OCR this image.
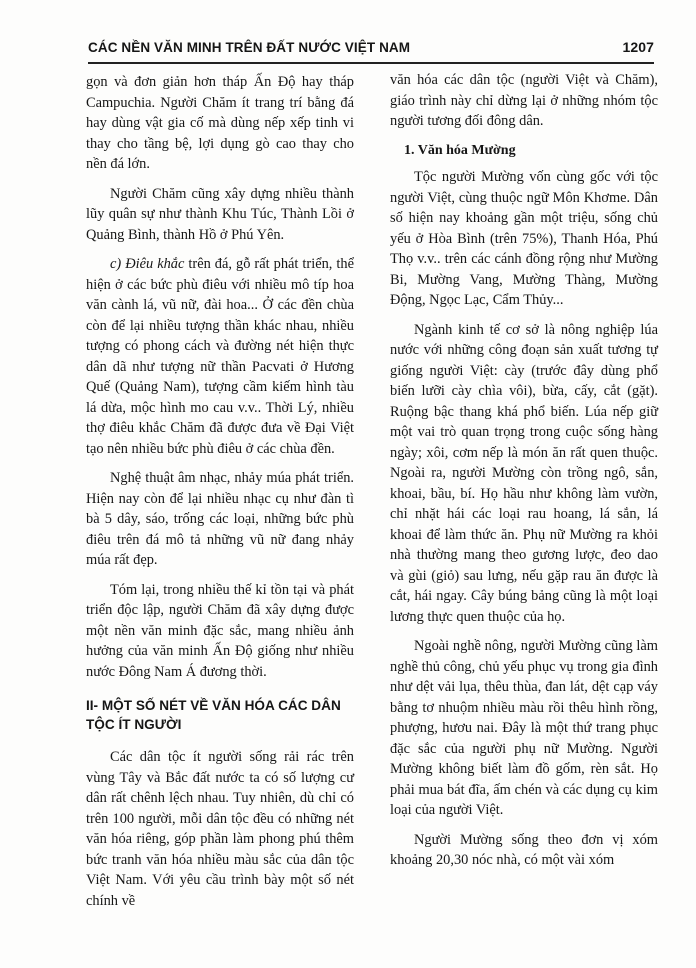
CÁC NỀN VĂN MINH TRÊN ĐẤT NƯỚC VIỆT NAM	1207

gọn và đơn giản hơn tháp Ấn Độ hay tháp Campuchia. Người Chăm ít trang trí bằng đá hay dùng vật gia cố mà dùng nếp xếp tinh vi thay cho tầng bệ, lợi dụng gò cao thay cho nền đá lớn.

Người Chăm cũng xây dựng nhiều thành lũy quân sự như thành Khu Túc, Thành Lồi ở Quảng Bình, thành Hồ ở Phú Yên.

c) Điêu khắc trên đá, gỗ rất phát triển, thể hiện ở các bức phù điêu với nhiều mô típ hoa văn cành lá, vũ nữ, đài hoa... Ở các đền chùa còn để lại nhiều tượng thần khác nhau, nhiều tượng có phong cách và đường nét hiện thực dân dã như tượng nữ thần Pacvati ở Hương Quế (Quảng Nam), tượng cầm kiếm hình tàu lá dừa, mộc hình mo cau v.v.. Thời Lý, nhiều thợ điêu khắc Chăm đã được đưa về Đại Việt tạo nên nhiều bức phù điêu ở các chùa đền.

Nghệ thuật âm nhạc, nhảy múa phát triển. Hiện nay còn để lại nhiều nhạc cụ như đàn tì bà 5 dây, sáo, trống các loại, những bức phù điêu trên đá mô tả những vũ nữ đang nhảy múa rất đẹp.

Tóm lại, trong nhiều thế kỉ tồn tại và phát triển độc lập, người Chăm đã xây dựng được một nền văn minh đặc sắc, mang nhiều ảnh hưởng của văn minh Ấn Độ giống như nhiều nước Đông Nam Á đương thời.

II- MỘT SỐ NÉT VỀ VĂN HÓA CÁC DÂN TỘC ÍT NGƯỜI

Các dân tộc ít người sống rải rác trên vùng Tây và Bắc đất nước ta có số lượng cư dân rất chênh lệch nhau. Tuy nhiên, dù chỉ có trên 100 người, mỗi dân tộc đều có những nét văn hóa riêng, góp phần làm phong phú thêm bức tranh văn hóa nhiều màu sắc của dân tộc Việt Nam. Với yêu cầu trình bày một số nét chính về

văn hóa các dân tộc (người Việt và Chăm), giáo trình này chỉ dừng lại ở những nhóm tộc người tương đối đông dân.

1. Văn hóa Mường

Tộc người Mường vốn cùng gốc với tộc người Việt, cùng thuộc ngữ Môn Khơme. Dân số hiện nay khoảng gần một triệu, sống chủ yếu ở Hòa Bình (trên 75%), Thanh Hóa, Phú Thọ v.v.. trên các cánh đồng rộng như Mường Bi, Mường Vang, Mường Thàng, Mường Động, Ngọc Lạc, Cẩm Thủy...

Ngành kinh tế cơ sở là nông nghiệp lúa nước với những công đoạn sản xuất tương tự giống người Việt: cày (trước đây dùng phổ biến lưỡi cày chìa vôi), bừa, cấy, cắt (gặt). Ruộng bậc thang khá phổ biến. Lúa nếp giữ một vai trò quan trọng trong cuộc sống hàng ngày; xôi, cơm nếp là món ăn rất quen thuộc. Ngoài ra, người Mường còn trồng ngô, sắn, khoai, bầu, bí. Họ hầu như không làm vườn, chỉ nhặt hái các loại rau hoang, lá sắn, lá khoai để làm thức ăn. Phụ nữ Mường ra khỏi nhà thường mang theo gương lược, đeo dao và gùi (giỏ) sau lưng, nếu gặp rau ăn được là cắt, hái ngay. Cây búng bảng cũng là một loại lương thực quen thuộc của họ.

Ngoài nghề nông, người Mường cũng làm nghề thủ công, chủ yếu phục vụ trong gia đình như dệt vải lụa, thêu thùa, đan lát, dệt cạp váy bằng tơ nhuộm nhiều màu rồi thêu hình rồng, phượng, hươu nai. Đây là một thứ trang phục đặc sắc của người phụ nữ Mường. Người Mường không biết làm đồ gốm, rèn sắt. Họ phải mua bát đĩa, ấm chén và các dụng cụ kim loại của người Việt.

Người Mường sống theo đơn vị xóm khoảng 20,30 nóc nhà, có một vài xóm
